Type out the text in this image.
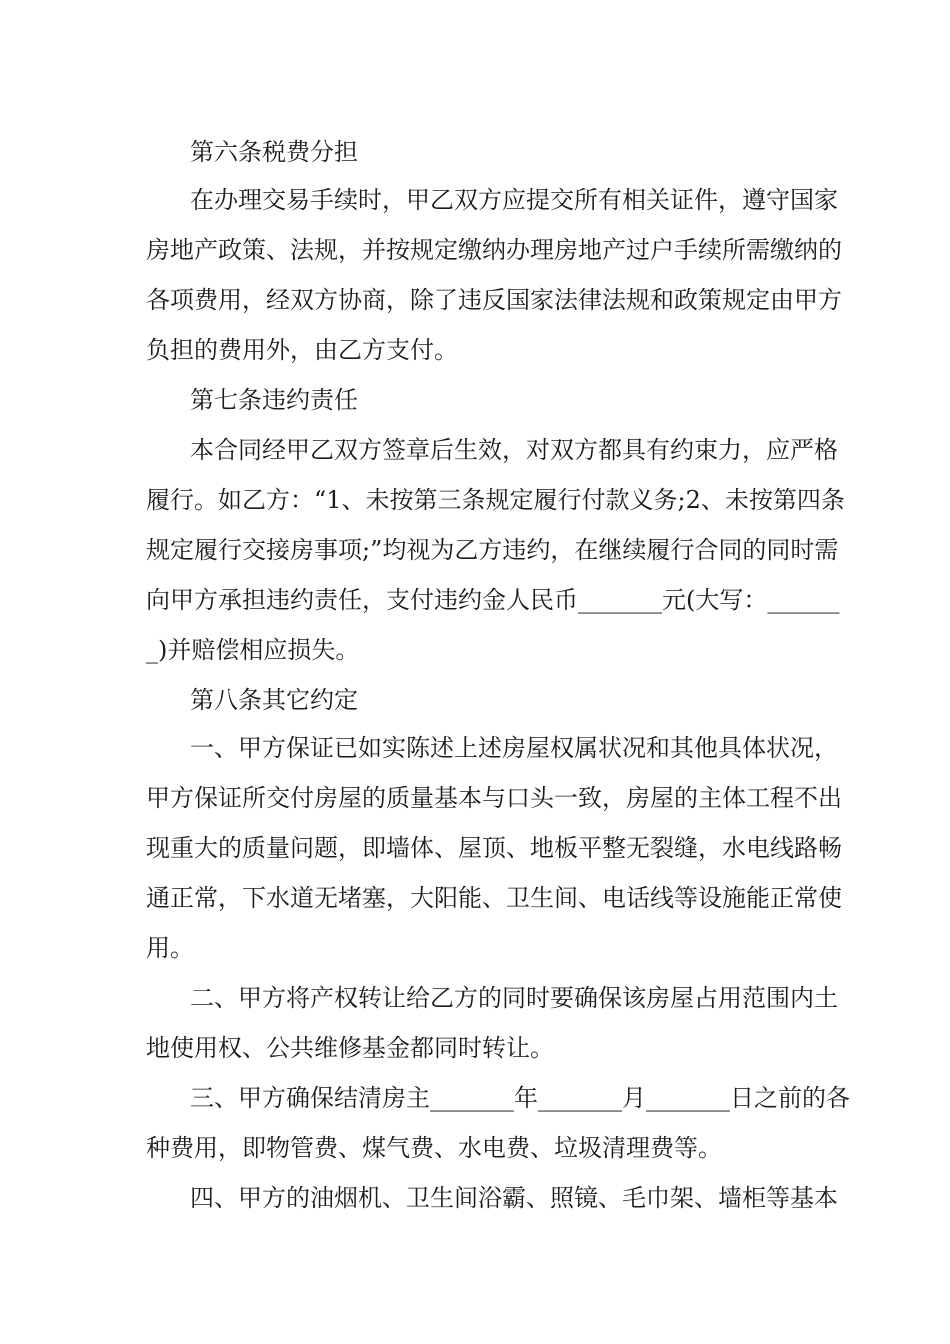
第六条税费分担
在办理交易手续时，甲乙双方应提交所有相关证件，遵守国家
房地产政策、法规，并按规定缴纳办理房地产过户手续所需缴纳的
各项费用，经双方协商，除了违反国家法律法规和政策规定由甲方
负担的费用外，由乙方支付。
第七条违约责任
本合同经甲乙双方签章后生效，对双方都具有约束力，应严格
履行。如乙方：“1、未按第三条规定履行付款义务;2、未按第四条
规定履行交接房事项;”均视为乙方违约，在继续履行合同的同时需
向甲方承担违约责任，支付违约金人民币_______元(大写：______
_)并赔偿相应损失。
第八条其它约定
一、甲方保证已如实陈述上述房屋权属状况和其他具体状况，
甲方保证所交付房屋的质量基本与口头一致，房屋的主体工程不出
现重大的质量问题，即墙体、屋顶、地板平整无裂缝，水电线路畅
通正常，下水道无堵塞，大阳能、卫生间、电话线等设施能正常使
用。
二、甲方将产权转让给乙方的同时要确保该房屋占用范围内土
地使用权、公共维修基金都同时转让。
三、甲方确保结清房主_______年_______月_______日之前的各
种费用，即物管费、煤气费、水电费、垃圾清理费等。
四、甲方的油烟机、卫生间浴霸、照镜、毛巾架、墙柜等基本
